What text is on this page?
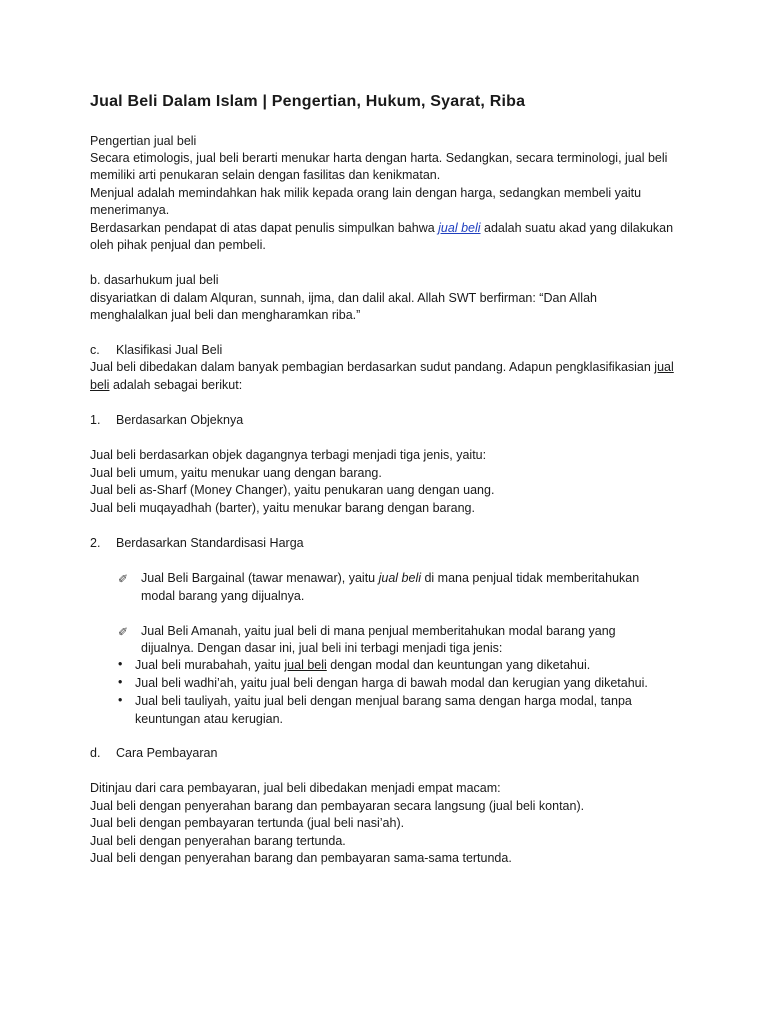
Jual Beli Dalam Islam | Pengertian, Hukum, Syarat, Riba
Pengertian jual beli
Secara etimologis, jual beli berarti menukar harta dengan harta. Sedangkan, secara terminologi, jual beli
memiliki arti penukaran selain dengan fasilitas dan kenikmatan.
Menjual adalah memindahkan hak milik kepada orang lain dengan harga, sedangkan membeli yaitu
menerimanya.
Berdasarkan pendapat di atas dapat penulis simpulkan bahwa jual beli adalah suatu akad yang dilakukan
oleh pihak penjual dan pembeli.
b. dasarhukum jual beli
disyariatkan di dalam Alquran, sunnah, ijma, dan dalil akal. Allah SWT berfirman: “Dan Allah
menghalalkan jual beli dan mengharamkan riba.”
c. Klasifikasi Jual Beli
Jual beli dibedakan dalam banyak pembagian berdasarkan sudut pandang. Adapun pengklasifikasian jual
beli adalah sebagai berikut:
1. Berdasarkan Objeknya
Jual beli berdasarkan objek dagangnya terbagi menjadi tiga jenis, yaitu:
Jual beli umum, yaitu menukar uang dengan barang.
Jual beli as-Sharf (Money Changer), yaitu penukaran uang dengan uang.
Jual beli muqayadhah (barter), yaitu menukar barang dengan barang.
2. Berdasarkan Standardisasi Harga
✐ Jual Beli Bargainal (tawar menawar), yaitu jual beli di mana penjual tidak memberitahukan
modal barang yang dijualnya.
✐ Jual Beli Amanah, yaitu jual beli di mana penjual memberitahukan modal barang yang
dijualnya. Dengan dasar ini, jual beli ini terbagi menjadi tiga jenis:
• Jual beli murabahah, yaitu jual beli dengan modal dan keuntungan yang diketahui.
• Jual beli wadhi’ah, yaitu jual beli dengan harga di bawah modal dan kerugian yang diketahui.
• Jual beli tauliyah, yaitu jual beli dengan menjual barang sama dengan harga modal, tanpa
keuntungan atau kerugian.
d. Cara Pembayaran
Ditinjau dari cara pembayaran, jual beli dibedakan menjadi empat macam:
Jual beli dengan penyerahan barang dan pembayaran secara langsung (jual beli kontan).
Jual beli dengan pembayaran tertunda (jual beli nasi’ah).
Jual beli dengan penyerahan barang tertunda.
Jual beli dengan penyerahan barang dan pembayaran sama-sama tertunda.
